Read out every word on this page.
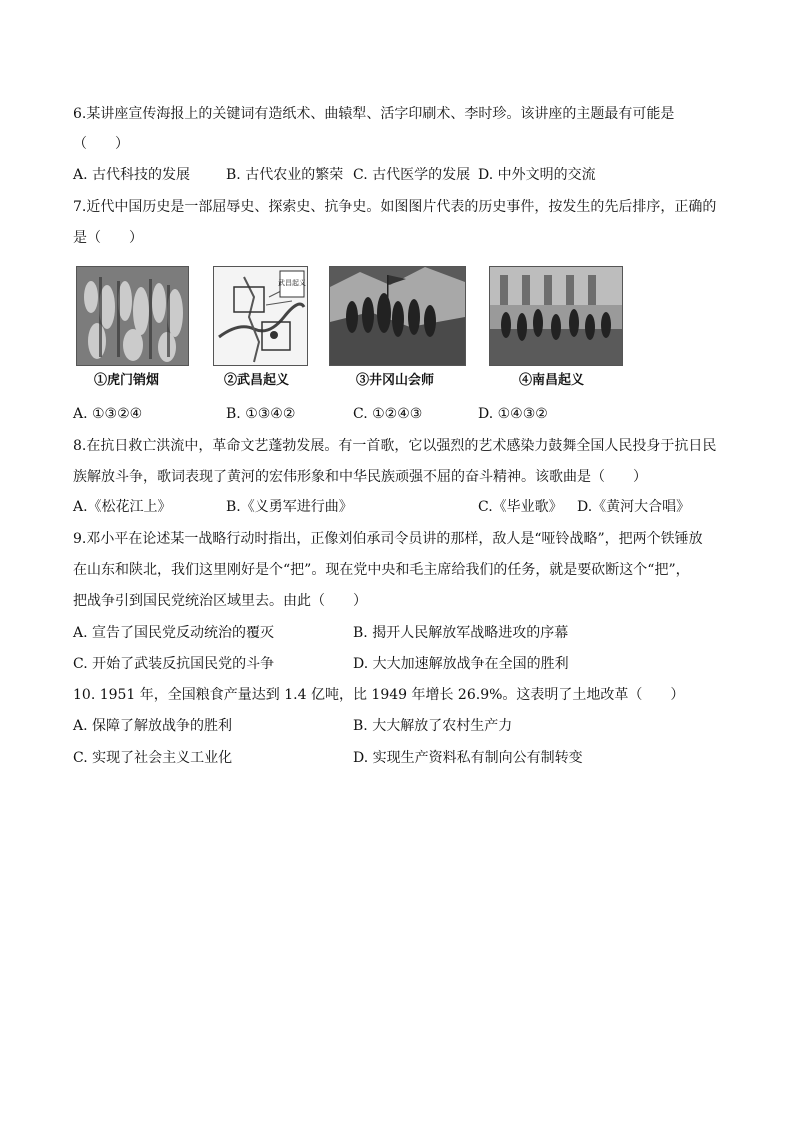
6.某讲座宣传海报上的关键词有造纸术、曲辕犁、活字印刷术、李时珍。该讲座的主题最有可能是
（　　）
A. 古代科技的发展	B. 古代农业的繁荣 C. 古代医学的发展 D. 中外文明的交流
7.近代中国历史是一部屈辱史、探索史、抗争史。如图图片代表的历史事件，按发生的先后排序，正确的
是（　　）
①虎门销烟
武昌起义
②武昌起义	③井冈山会师	④南昌起义
A. ①③②④	B. ①③④②	C. ①②④③	D. ①④③②
8.在抗日救亡洪流中，革命文艺蓬勃发展。有一首歌，它以强烈的艺术感染力鼓舞全国人民投身于抗日民
族解放斗争，歌词表现了黄河的宏伟形象和中华民族顽强不屈的奋斗精神。该歌曲是（　　）
A.《松花江上》	B.《义勇军进行曲》	C.《毕业歌》 D.《黄河大合唱》
9.邓小平在论述某一战略行动时指出，正像刘伯承司令员讲的那样，敌人是“哑铃战略”，把两个铁锤放
在山东和陕北，我们这里刚好是个“把”。现在党中央和毛主席给我们的任务，就是要砍断这个“把”，
把战争引到国民党统治区域里去。由此（　　）
A. 宣告了国民党反动统治的覆灭	B. 揭开人民解放军战略进攻的序幕
C. 开始了武装反抗国民党的斗争	D. 大大加速解放战争在全国的胜利
10. 1951 年，全国粮食产量达到 1.4 亿吨，比 1949 年增长 26.9%。这表明了土地改革（　　）
A. 保障了解放战争的胜利	B. 大大解放了农村生产力
C. 实现了社会主义工业化	D. 实现生产资料私有制向公有制转变
